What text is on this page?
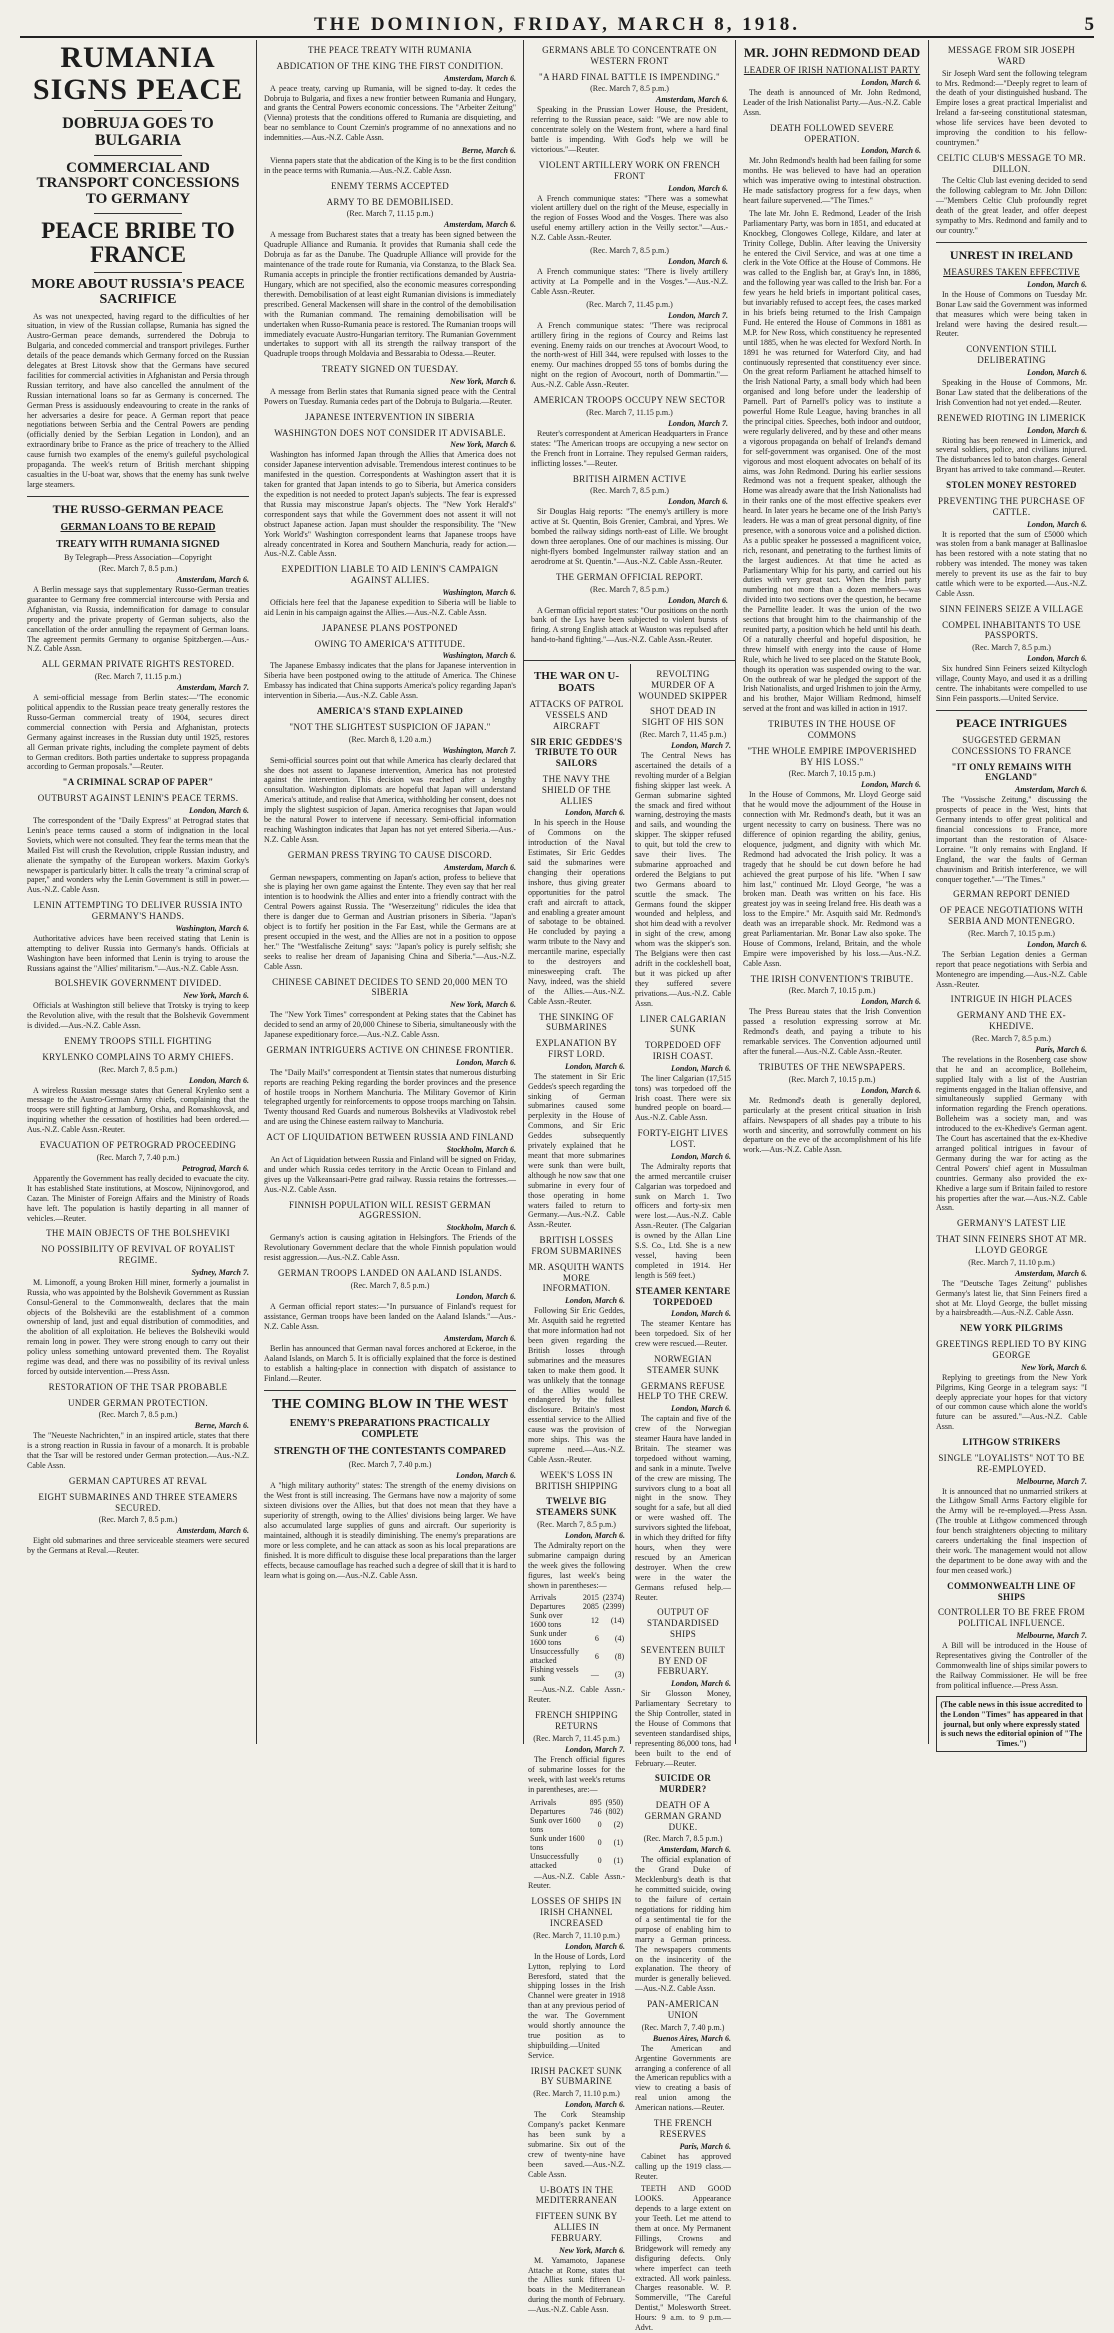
THE DOMINION, FRIDAY, MARCH 8, 1918.	5
RUMANIA SIGNS PEACE
DOBRUJA GOES TO BULGARIA
COMMERCIAL AND TRANSPORT CONCESSIONS TO GERMANY
PEACE BRIBE TO FRANCE
MORE ABOUT RUSSIA'S PEACE SACRIFICE

As was not unexpected, having regard to the difficulties of her situation, in view of the Russian collapse, Rumania has signed the Austro-German peace demands, surrendered the Dobruja to Bulgaria, and conceded commercial and transport privileges. Further details of the peace demands which Germany forced on the Russian delegates at Brest Litovsk show that the Germans have secured facilities for commercial activities in Afghanistan and Persia through Russian territory, and have also cancelled the annulment of the Russian international loans so far as Germany is concerned. The German Press is assiduously endeavouring to create in the ranks of her adversaries a desire for peace. A German report that peace negotiations between Serbia and the Central Powers are pending (officially denied by the Serbian Legation in London), and an extraordinary bribe to France as the price of treachery to the Allied cause furnish two examples of the enemy's guileful psychological propaganda. The week's return of British merchant shipping casualties in the U-boat war, shows that the enemy has sunk twelve large steamers.

THE RUSSO-GERMAN PEACE
GERMAN LOANS TO BE REPAID
TREATY WITH RUMANIA SIGNED
By Telegraph—Press Association—Copyright
(Rec. March 7, 8.5 p.m.)
Amsterdam, March 6.

A Berlin message says that supplementary Russo-German treaties guarantee to Germany free commercial intercourse with Persia and Afghanistan, via Russia, indemnification for damage to consular property and the private property of German subjects, also the cancellation of the order annulling the repayment of German loans. The agreement permits Germany to organise Spitzbergen.—Aus.-N.Z. Cable Assn.

ALL GERMAN PRIVATE RIGHTS RESTORED.
(Rec. March 7, 11.15 p.m.)
Amsterdam, March 7.

A semi-official message from Berlin states:—"The economic political appendix to the Russian peace treaty generally restores the Russo-German commercial treaty of 1904, secures direct commercial connection with Persia and Afghanistan, protects Germany against increases in the Russian duty until 1925, restores all German private rights, including the complete payment of debts to German creditors. Both parties undertake to suppress propaganda according to German proposals."—Reuter.

"A CRIMINAL SCRAP OF PAPER"
OUTBURST AGAINST LENIN'S PEACE TERMS.
London, March 6.

The correspondent of the "Daily Express" at Petrograd states that Lenin's peace terms caused a storm of indignation in the local Soviets, which were not consulted. They fear the terms mean that the Mailed Fist will crush the Revolution, cripple Russian industry, and alienate the sympathy of the European workers. Maxim Gorky's newspaper is particularly bitter. It calls the treaty "a criminal scrap of paper," and wonders why the Lenin Government is still in power.—Aus.-N.Z. Cable Assn.

LENIN ATTEMPTING TO DELIVER RUSSIA INTO GERMANY'S HANDS.
Washington, March 6.

Authoritative advices have been received stating that Lenin is attempting to deliver Russia into Germany's hands. Officials at Washington have been informed that Lenin is trying to arouse the Russians against the "Allies' militarism."—Aus.-N.Z. Cable Assn.

BOLSHEVIK GOVERNMENT DIVIDED.
New York, March 6.

Officials at Washington still believe that Trotsky is trying to keep the Revolution alive, with the result that the Bolshevik Government is divided.—Aus.-N.Z. Cable Assn.

ENEMY TROOPS STILL FIGHTING
KRYLENKO COMPLAINS TO ARMY CHIEFS.
(Rec. March 7, 8.5 p.m.)
London, March 6.

A wireless Russian message states that General Krylenko sent a message to the Austro-German Army chiefs, complaining that the troops were still fighting at Jamburg, Orsha, and Romashkovsk, and inquiring whether the cessation of hostilities had been ordered.—Aus.-N.Z. Cable Assn.-Reuter.

EVACUATION OF PETROGRAD PROCEEDING
(Rec. March 7, 7.40 p.m.)
Petrograd, March 6.

Apparently the Government has really decided to evacuate the city. It has established State institutions, at Moscow, Nijninovgorod, and Cazan. The Minister of Foreign Affairs and the Ministry of Roads have left. The population is hastily departing in all manner of vehicles.—Reuter.

THE MAIN OBJECTS OF THE BOLSHEVIKI
NO POSSIBILITY OF REVIVAL OF ROYALIST REGIME.
Sydney, March 7.

M. Limonoff, a young Broken Hill miner, formerly a journalist in Russia, who was appointed by the Bolshevik Government as Russian Consul-General to the Commonwealth, declares that the main objects of the Bolsheviki are the establishment of a common ownership of land, just and equal distribution of commodities, and the abolition of all exploitation. He believes the Bolsheviki would remain long in power. They were strong enough to carry out their policy unless something untoward prevented them. The Royalist regime was dead, and there was no possibility of its revival unless forced by outside intervention.—Press Assn.

RESTORATION OF THE TSAR PROBABLE
UNDER GERMAN PROTECTION.
(Rec. March 7, 8.5 p.m.)
Berne, March 6.

The "Neueste Nachrichten," in an inspired article, states that there is a strong reaction in Russia in favour of a monarch. It is probable that the Tsar will be restored under German protection.—Aus.-N.Z. Cable Assn.

GERMAN CAPTURES AT REVAL
EIGHT SUBMARINES AND THREE STEAMERS SECURED.
(Rec. March 7, 8.5 p.m.)
Amsterdam, March 6.

Eight old submarines and three serviceable steamers were secured by the Germans at Reval.—Reuter.

THE PEACE TREATY WITH RUMANIA
ABDICATION OF THE KING THE FIRST CONDITION.
Amsterdam, March 6.

A peace treaty, carving up Rumania, will be signed to-day. It cedes the Dobruja to Bulgaria, and fixes a new frontier between Rumania and Hungary, and grants the Central Powers economic concessions. The "Arbeiter Zeitung" (Vienna) protests that the conditions offered to Rumania are disquieting, and bear no semblance to Count Czernin's programme of no annexations and no indemnities.—Aus.-N.Z. Cable Assn.

Berne, March 6.

Vienna papers state that the abdication of the King is to be the first condition in the peace terms with Rumania.—Aus.-N.Z. Cable Assn.

ENEMY TERMS ACCEPTED
ARMY TO BE DEMOBILISED.
(Rec. March 7, 11.15 p.m.)
Amsterdam, March 6.

A message from Bucharest states that a treaty has been signed between the Quadruple Alliance and Rumania. It provides that Rumania shall cede the Dobruja as far as the Danube. The Quadruple Alliance will provide for the maintenance of the trade route for Rumania, via Constanza, to the Black Sea. Rumania accepts in principle the frontier rectifications demanded by Austria-Hungary, which are not specified, also the economic measures corresponding therewith. Demobilisation of at least eight Rumanian divisions is immediately prescribed. General Mackensen will share in the control of the demobilisation with the Rumanian command. The remaining demobilisation will be undertaken when Russo-Rumania peace is restored. The Rumanian troops will immediately evacuate Austro-Hungarian territory. The Rumanian Government undertakes to support with all its strength the railway transport of the Quadruple troops through Moldavia and Bessarabia to Odessa.—Reuter.

TREATY SIGNED ON TUESDAY.
New York, March 6.

A message from Berlin states that Rumania signed peace with the Central Powers on Tuesday. Rumania cedes part of the Dobruja to Bulgaria.—Reuter.

JAPANESE INTERVENTION IN SIBERIA
WASHINGTON DOES NOT CONSIDER IT ADVISABLE.
New York, March 6.

Washington has informed Japan through the Allies that America does not consider Japanese intervention advisable. Tremendous interest continues to be manifested in the question. Correspondents at Washington assert that it is taken for granted that Japan intends to go to Siberia, but America considers the expedition is not needed to protect Japan's subjects. The fear is expressed that Russia may misconstrue Japan's objects. The "New York Herald's" correspondent says that while the Government does not assent it will not obstruct Japanese action. Japan must shoulder the responsibility. The "New York World's" Washington correspondent learns that Japanese troops have already concentrated in Korea and Southern Manchuria, ready for action.—Aus.-N.Z. Cable Assn.

EXPEDITION LIABLE TO AID LENIN'S CAMPAIGN AGAINST ALLIES.
Washington, March 6.

Officials here feel that the Japanese expedition to Siberia will be liable to aid Lenin in his campaign against the Allies.—Aus.-N.Z. Cable Assn.

JAPANESE PLANS POSTPONED
OWING TO AMERICA'S ATTITUDE.
Washington, March 6.

The Japanese Embassy indicates that the plans for Japanese intervention in Siberia have been postponed owing to the attitude of America. The Chinese Embassy has indicated that China supports America's policy regarding Japan's intervention in Siberia.—Aus.-N.Z. Cable Assn.

AMERICA'S STAND EXPLAINED
"NOT THE SLIGHTEST SUSPICION OF JAPAN."
(Rec. March 8, 1.20 a.m.)
Washington, March 7.

Semi-official sources point out that while America has clearly declared that she does not assent to Japanese intervention, America has not protested against the intervention. This decision was reached after a lengthy consultation. Washington diplomats are hopeful that Japan will understand America's attitude, and realise that America, withholding her consent, does not imply the slightest suspicion of Japan. America recognises that Japan would be the natural Power to intervene if necessary. Semi-official information reaching Washington indicates that Japan has not yet entered Siberia.—Aus.-N.Z. Cable Assn.

GERMAN PRESS TRYING TO CAUSE DISCORD.
Amsterdam, March 6.

German newspapers, commenting on Japan's action, profess to believe that she is playing her own game against the Entente. They even say that her real intention is to hoodwink the Allies and enter into a friendly contract with the Central Powers against Russia. The "Weserzeitung" ridicules the idea that there is danger due to German and Austrian prisoners in Siberia. "Japan's object is to fortify her position in the Far East, while the Germans are at present occupied in the west, and the Allies are not in a position to oppose her." The "Westfalische Zeitung" says: "Japan's policy is purely selfish; she seeks to realise her dream of Japanising China and Siberia."—Aus.-N.Z. Cable Assn.

CHINESE CABINET DECIDES TO SEND 20,000 MEN TO SIBERIA
New York, March 6.

The "New York Times" correspondent at Peking states that the Cabinet has decided to send an army of 20,000 Chinese to Siberia, simultaneously with the Japanese expeditionary force.—Aus.-N.Z. Cable Assn.

GERMAN INTRIGUERS ACTIVE ON CHINESE FRONTIER.
London, March 6.

The "Daily Mail's" correspondent at Tientsin states that numerous disturbing reports are reaching Peking regarding the border provinces and the presence of hostile troops in Northern Manchuria. The Military Governor of Kirin telegraphed urgently for reinforcements to oppose troops marching on Tahsin. Twenty thousand Red Guards and numerous Bolsheviks at Vladivostok rebel and are using the Chinese eastern railway to Manchuria.

ACT OF LIQUIDATION BETWEEN RUSSIA AND FINLAND
Stockholm, March 6.

An Act of Liquidation between Russia and Finland will be signed on Friday, and under which Russia cedes territory in the Arctic Ocean to Finland and gives up the Valkeansaari-Petre grad railway. Russia retains the fortresses.—Aus.-N.Z. Cable Assn.

FINNISH POPULATION WILL RESIST GERMAN AGGRESSION.
Stockholm, March 6.

Germany's action is causing agitation in Helsingfors. The Friends of the Revolutionary Government declare that the whole Finnish population would resist aggression.—Aus.-N.Z. Cable Assn.

GERMAN TROOPS LANDED ON AALAND ISLANDS.
(Rec. March 7, 8.5 p.m.)
London, March 6.

A German official report states:—"In pursuance of Finland's request for assistance, German troops have been landed on the Aaland Islands."—Aus.-N.Z. Cable Assn.

Amsterdam, March 6.

Berlin has announced that German naval forces anchored at Eckeroe, in the Aaland Islands, on March 5. It is officially explained that the force is destined to establish a halting-place in connection with dispatch of assistance to Finland.—Reuter.

THE COMING BLOW IN THE WEST
ENEMY'S PREPARATIONS PRACTICALLY COMPLETE
STRENGTH OF THE CONTESTANTS COMPARED
(Rec. March 7, 7.40 p.m.)
London, March 6.

A "high military authority" states: The strength of the enemy divisions on the West front is still increasing. The Germans have now a majority of some sixteen divisions over the Allies, but that does not mean that they have a superiority of strength, owing to the Allies' divisions being larger. We have also accumulated large supplies of guns and aircraft. Our superiority is maintained, although it is steadily diminishing. The enemy's preparations are more or less complete, and he can attack as soon as his local preparations are finished. It is more difficult to disguise these local preparations than the larger effects, because camouflage has reached such a degree of skill that it is hard to learn what is going on.—Aus.-N.Z. Cable Assn.

GERMANS ABLE TO CONCENTRATE ON WESTERN FRONT
"A HARD FINAL BATTLE IS IMPENDING."
(Rec. March 7, 8.5 p.m.)
Amsterdam, March 6.

Speaking in the Prussian Lower House, the President, referring to the Russian peace, said: "We are now able to concentrate solely on the Western front, where a hard final battle is impending. With God's help we will be victorious."—Reuter.

VIOLENT ARTILLERY WORK ON FRENCH FRONT
London, March 6.

A French communique states: "There was a somewhat violent artillery duel on the right of the Meuse, especially in the region of Fosses Wood and the Vosges. There was also useful enemy artillery action in the Veilly sector."—Aus.-N.Z. Cable Assn.-Reuter.

(Rec. March 7, 8.5 p.m.)
London, March 6.

A French communique states: "There is lively artillery activity at La Pompelle and in the Vosges."—Aus.-N.Z. Cable Assn.-Reuter.

(Rec. March 7, 11.45 p.m.)
London, March 7.

A French communique states: "There was reciprocal artillery firing in the regions of Courcy and Reims last evening. Enemy raids on our trenches at Avocourt Wood, to the north-west of Hill 344, were repulsed with losses to the enemy. Our machines dropped 55 tons of bombs during the night on the region of Avocourt, north of Dommartin."—Aus.-N.Z. Cable Assn.-Reuter.

AMERICAN TROOPS OCCUPY NEW SECTOR
(Rec. March 7, 11.15 p.m.)
London, March 7.

Reuter's correspondent at American Headquarters in France states: "The American troops are occupying a new sector on the French front in Lorraine. They repulsed German raiders, inflicting losses."—Reuter.

BRITISH AIRMEN ACTIVE
(Rec. March 7, 8.5 p.m.)
London, March 6.

Sir Douglas Haig reports: "The enemy's artillery is more active at St. Quentin, Bois Grenier, Cambrai, and Ypres. We bombed the railway sidings north-east of Lille. We brought down three aeroplanes. One of our machines is missing. Our night-flyers bombed Ingelmunster railway station and an aerodrome at St. Quentin."—Aus.-N.Z. Cable Assn.-Reuter.

THE GERMAN OFFICIAL REPORT.
(Rec. March 7, 8.5 p.m.)
London, March 6.

A German official report states: "Our positions on the north bank of the Lys have been subjected to violent bursts of firing. A strong English attack at Wauston was repulsed after hand-to-hand fighting."—Aus.-N.Z. Cable Assn.-Reuter.

THE WAR ON U-BOATS
ATTACKS OF PATROL VESSELS AND AIRCRAFT
SIR ERIC GEDDES'S TRIBUTE TO OUR SAILORS
THE NAVY THE SHIELD OF THE ALLIES
London, March 6.

In his speech in the House of Commons on the introduction of the Naval Estimates, Sir Eric Geddes said the submarines were changing their operations inshore, thus giving greater opportunities for the patrol craft and aircraft to attack, and enabling a greater amount of sabotage to be obtained. He concluded by paying a warm tribute to the Navy and mercantile marine, especially to the destroyers and minesweeping craft. The Navy, indeed, was the shield of the Allies.—Aus.-N.Z. Cable Assn.-Reuter.

THE SINKING OF SUBMARINES
EXPLANATION BY FIRST LORD.
London, March 6.

The statement in Sir Eric Geddes's speech regarding the sinking of German submarines caused some perplexity in the House of Commons, and Sir Eric Geddes subsequently privately explained that he meant that more submarines were sunk than were built, although he now saw that one submarine in every four of those operating in home waters failed to return to Germany.—Aus.-N.Z. Cable Assn.-Reuter.

BRITISH LOSSES FROM SUBMARINES
MR. ASQUITH WANTS MORE INFORMATION.
London, March 6.

Following Sir Eric Geddes, Mr. Asquith said he regretted that more information had not been given regarding the British losses through submarines and the measures taken to make them good. It was unlikely that the tonnage of the Allies would be endangered by the fullest disclosure. Britain's most essential service to the Allied cause was the provision of more ships. This was the supreme need.—Aus.-N.Z. Cable Assn.-Reuter.

WEEK'S LOSS IN BRITISH SHIPPING
TWELVE BIG STEAMERS SUNK
(Rec. March 7, 8.5 p.m.)
London, March 6.

The Admiralty report on the submarine campaign during the week gives the following figures, last week's being shown in parentheses:—

Arrivals	2015	(2374)
Departures	2085	(2399)
Sunk over 1600 tons	12	(14)
Sunk under 1600 tons	6	(4)
Unsuccessfully attacked	6	(8)
Fishing vessels sunk	—	(3)

—Aus.-N.Z. Cable Assn.-Reuter.

FRENCH SHIPPING RETURNS
(Rec. March 7, 11.45 p.m.)
London, March 7.

The French official figures of submarine losses for the week, with last week's returns in parentheses, are:—

Arrivals	895	(950)
Departures	746	(802)
Sunk over 1600 tons	0	(2)
Sunk under 1600 tons	0	(1)
Unsuccessfully attacked	0	(1)

—Aus.-N.Z. Cable Assn.-Reuter.

LOSSES OF SHIPS IN IRISH CHANNEL INCREASED
(Rec. March 7, 11.10 p.m.)
London, March 6.

In the House of Lords, Lord Lytton, replying to Lord Beresford, stated that the shipping losses in the Irish Channel were greater in 1918 than at any previous period of the war. The Government would shortly announce the true position as to shipbuilding.—United Service.

IRISH PACKET SUNK BY SUBMARINE
(Rec. March 7, 11.10 p.m.)
London, March 6.

The Cork Steamship Company's packet Kenmare has been sunk by a submarine. Six out of the crew of twenty-nine have been saved.—Aus.-N.Z. Cable Assn.

U-BOATS IN THE MEDITERRANEAN
FIFTEEN SUNK BY ALLIES IN FEBRUARY.
New York, March 6.

M. Yamamoto, Japanese Attache at Rome, states that the Allies sunk fifteen U-boats in the Mediterranean during the month of February.—Aus.-N.Z. Cable Assn.

REVOLTING MURDER OF A WOUNDED SKIPPER
SHOT DEAD IN SIGHT OF HIS SON
(Rec. March 7, 11.45 p.m.)
London, March 7.

The Central News has ascertained the details of a revolting murder of a Belgian fishing skipper last week. A German submarine sighted the smack and fired without warning, destroying the masts and sails, and wounding the skipper. The skipper refused to quit, but told the crew to save their lives. The submarine approached and ordered the Belgians to put two Germans aboard to scuttle the smack. The Germans found the skipper wounded and helpless, and shot him dead with a revolver in sight of the crew, among whom was the skipper's son. The Belgians were then cast adrift in the cockleshell boat, but it was picked up after they suffered severe privations.—Aus.-N.Z. Cable Assn.

LINER CALGARIAN SUNK
TORPEDOED OFF IRISH COAST.
London, March 6.

The liner Calgarian (17,515 tons) was torpedoed off the Irish coast. There were six hundred people on board.—Aus.-N.Z. Cable Assn.

FORTY-EIGHT LIVES LOST.
London, March 6.

The Admiralty reports that the armed mercantile cruiser Calgarian was torpedoed and sunk on March 1. Two officers and forty-six men were lost.—Aus.-N.Z. Cable Assn.-Reuter. (The Calgarian is owned by the Allan Line S.S. Co., Ltd. She is a new vessel, having been completed in 1914. Her length is 569 feet.)

STEAMER KENTARE TORPEDOED
London, March 6.

The steamer Kentare has been torpedoed. Six of her crew were rescued.—Reuter.

NORWEGIAN STEAMER SUNK
GERMANS REFUSE HELP TO THE CREW.
London, March 6.

The captain and five of the crew of the Norwegian steamer Haura have landed in Britain. The steamer was torpedoed without warning, and sank in a minute. Twelve of the crew are missing. The survivors clung to a boat all night in the snow. They sought for a safe, but all died or were washed off. The survivors sighted the lifeboat, in which they drifted for fifty hours, when they were rescued by an American destroyer. When the crew were in the water the Germans refused help.—Reuter.

OUTPUT OF STANDARDISED SHIPS
SEVENTEEN BUILT BY END OF FEBRUARY.
London, March 6.

Sir Glosson Money, Parliamentary Secretary to the Ship Controller, stated in the House of Commons that seventeen standardised ships, representing 86,000 tons, had been built to the end of February.—Reuter.

SUICIDE OR MURDER?
DEATH OF A GERMAN GRAND DUKE.
(Rec. March 7, 8.5 p.m.)
Amsterdam, March 6.

The official explanation of the Grand Duke of Mecklenburg's death is that he committed suicide, owing to the failure of certain negotiations for ridding him of a sentimental tie for the purpose of enabling him to marry a German princess. The newspapers comments on the insincerity of the explanation. The theory of murder is generally believed.—Aus.-N.Z. Cable Assn.

PAN-AMERICAN UNION
(Rec. March 7, 7.40 p.m.)
Buenos Aires, March 6.

The American and Argentine Governments are arranging a conference of all the American republics with a view to creating a basis of real union among the American nations.—Reuter.

THE FRENCH RESERVES
Paris, March 6.

Cabinet has approved calling up the 1919 class.—Reuter.

TEETH AND GOOD LOOKS. Appearance depends to a large extent on your Teeth. Let me attend to them at once. My Permanent Fillings, Crowns and Bridgework will remedy any disfiguring defects. Only where imperfect can teeth extracted. All work painless. Charges reasonable. W. P. Sommerville, "The Careful Dentist," Molesworth Street. Hours: 9 a.m. to 9 p.m.—Advt.

MR. JOHN REDMOND DEAD
LEADER OF IRISH NATIONALIST PARTY
London, March 6.

The death is announced of Mr. John Redmond, Leader of the Irish Nationalist Party.—Aus.-N.Z. Cable Assn.

DEATH FOLLOWED SEVERE OPERATION.
London, March 6.

Mr. John Redmond's health had been failing for some months. He was believed to have had an operation which was imperative owing to intestinal obstruction. He made satisfactory progress for a few days, when heart failure supervened.—"The Times."

The late Mr. John E. Redmond, Leader of the Irish Parliamentary Party, was born in 1851, and educated at Knockbeg, Clongowes College, Kildare, and later at Trinity College, Dublin. After leaving the University he entered the Civil Service, and was at one time a clerk in the Vote Office at the House of Commons. He was called to the English bar, at Gray's Inn, in 1886, and the following year was called to the Irish bar. For a few years he held briefs in important political cases, but invariably refused to accept fees, the cases marked in his briefs being returned to the Irish Campaign Fund. He entered the House of Commons in 1881 as M.P. for New Ross, which constituency he represented until 1885, when he was elected for Wexford North. In 1891 he was returned for Waterford City, and had continuously represented that constituency ever since. On the great reform Parliament he attached himself to the Irish National Party, a small body which had been organised and long before under the leadership of Parnell. Part of Parnell's policy was to institute a powerful Home Rule League, having branches in all the principal cities. Speeches, both indoor and outdoor, were regularly delivered, and by these and other means a vigorous propaganda on behalf of Ireland's demand for self-government was organised. One of the most vigorous and most eloquent advocates on behalf of its aims, was John Redmond. During his earlier sessions Redmond was not a frequent speaker, although the Home was already aware that the Irish Nationalists had in their ranks one of the most effective speakers ever heard. In later years he became one of the Irish Party's leaders. He was a man of great personal dignity, of fine presence, with a sonorous voice and a polished diction. As a public speaker he possessed a magnificent voice, rich, resonant, and penetrating to the furthest limits of the largest audiences. At that time he acted as Parliamentary Whip for his party, and carried out his duties with very great tact. When the Irish party numbering not more than a dozen members—was divided into two sections over the question, he became the Parnellite leader. It was the union of the two sections that brought him to the chairmanship of the reunited party, a position which he held until his death. Of a naturally cheerful and hopeful disposition, he threw himself with energy into the cause of Home Rule, which he lived to see placed on the Statute Book, though its operation was suspended owing to the war. On the outbreak of war he pledged the support of the Irish Nationalists, and urged Irishmen to join the Army, and his brother, Major William Redmond, himself served at the front and was killed in action in 1917.

TRIBUTES IN THE HOUSE OF COMMONS
"THE WHOLE EMPIRE IMPOVERISHED BY HIS LOSS."
(Rec. March 7, 10.15 p.m.)
London, March 6.

In the House of Commons, Mr. Lloyd George said that he would move the adjournment of the House in connection with Mr. Redmond's death, but it was an urgent necessity to carry on business. There was no difference of opinion regarding the ability, genius, eloquence, judgment, and dignity with which Mr. Redmond had advocated the Irish policy. It was a tragedy that he should be cut down before he had achieved the great purpose of his life. "When I saw him last," continued Mr. Lloyd George, "he was a broken man. Death was written on his face. His greatest joy was in seeing Ireland free. His death was a loss to the Empire." Mr. Asquith said Mr. Redmond's death was an irreparable shock. Mr. Redmond was a great Parliamentarian. Mr. Bonar Law also spoke. The House of Commons, Ireland, Britain, and the whole Empire were impoverished by his loss.—Aus.-N.Z. Cable Assn.

THE IRISH CONVENTION'S TRIBUTE.
(Rec. March 7, 10.15 p.m.)
London, March 6.

The Press Bureau states that the Irish Convention passed a resolution expressing sorrow at Mr. Redmond's death, and paying a tribute to his remarkable services. The Convention adjourned until after the funeral.—Aus.-N.Z. Cable Assn.-Reuter.

TRIBUTES OF THE NEWSPAPERS.
(Rec. March 7, 10.15 p.m.)
London, March 6.

Mr. Redmond's death is generally deplored, particularly at the present critical situation in Irish affairs. Newspapers of all shades pay a tribute to his worth and sincerity, and sorrowfully comment on his departure on the eve of the accomplishment of his life work.—Aus.-N.Z. Cable Assn.

MESSAGE FROM SIR JOSEPH WARD

Sir Joseph Ward sent the following telegram to Mrs. Redmond:—"Deeply regret to learn of the death of your distinguished husband. The Empire loses a great practical Imperialist and Ireland a far-seeing constitutional statesman, whose life services have been devoted to improving the condition to his fellow-countrymen."

CELTIC CLUB'S MESSAGE TO MR. DILLON.

The Celtic Club last evening decided to send the following cablegram to Mr. John Dillon:—"Members Celtic Club profoundly regret death of the great leader, and offer deepest sympathy to Mrs. Redmond and family and to our country."

UNREST IN IRELAND
MEASURES TAKEN EFFECTIVE
London, March 6.

In the House of Commons on Tuesday Mr. Bonar Law said the Government was informed that measures which were being taken in Ireland were having the desired result.—Reuter.

CONVENTION STILL DELIBERATING
London, March 6.

Speaking in the House of Commons, Mr. Bonar Law stated that the deliberations of the Irish Convention had not yet ended.—Reuter.

RENEWED RIOTING IN LIMERICK
London, March 6.

Rioting has been renewed in Limerick, and several soldiers, police, and civilians injured. The disturbances led to baton charges. General Bryant has arrived to take command.—Reuter.

STOLEN MONEY RESTORED
PREVENTING THE PURCHASE OF CATTLE.
London, March 6.

It is reported that the sum of £5000 which was stolen from a bank manager at Ballinasloe has been restored with a note stating that no robbery was intended. The money was taken merely to prevent its use as the fair to buy cattle which were to be exported.—Aus.-N.Z. Cable Assn.

SINN FEINERS SEIZE A VILLAGE
COMPEL INHABITANTS TO USE PASSPORTS.
(Rec. March 7, 8.5 p.m.)
London, March 6.

Six hundred Sinn Feiners seized Kiltyclogh village, County Mayo, and used it as a drilling centre. The inhabitants were compelled to use Sinn Fein passports.—United Service.

PEACE INTRIGUES
SUGGESTED GERMAN CONCESSIONS TO FRANCE
"IT ONLY REMAINS WITH ENGLAND"
Amsterdam, March 6.

The "Vossische Zeitung," discussing the prospects of peace in the West, hints that Germany intends to offer great political and financial concessions to France, more important than the restoration of Alsace-Lorraine. "It only remains with England. If England, the war the faults of German chauvinism and British interference, we will conquer together."—"The Times."

GERMAN REPORT DENIED
OF PEACE NEGOTIATIONS WITH SERBIA AND MONTENEGRO.
(Rec. March 7, 10.15 p.m.)
London, March 6.

The Serbian Legation denies a German report that peace negotiations with Serbia and Montenegro are impending.—Aus.-N.Z. Cable Assn.-Reuter.

INTRIGUE IN HIGH PLACES
GERMANY AND THE EX-KHEDIVE.
(Rec. March 7, 8.5 p.m.)
Paris, March 6.

The revelations in the Rosenberg case show that he and an accomplice, Bolleheim, supplied Italy with a list of the Austrian regiments engaged in the Italian offensive, and simultaneously supplied Germany with information regarding the French operations. Bolleheim was a society man, and was introduced to the ex-Khedive's German agent. The Court has ascertained that the ex-Khedive arranged political intrigues in favour of Germany during the war for acting as the Central Powers' chief agent in Mussulman countries. Germany also provided the ex-Khedive a large sum if Britain failed to restore his properties after the war.—Aus.-N.Z. Cable Assn.

GERMANY'S LATEST LIE
THAT SINN FEINERS SHOT AT MR. LLOYD GEORGE
(Rec. March 7, 11.10 p.m.)
Amsterdam, March 6.

The "Deutsche Tages Zeitung" publishes Germany's latest lie, that Sinn Feiners fired a shot at Mr. Lloyd George, the bullet missing by a hairsbreadth.—Aus.-N.Z. Cable Assn.

NEW YORK PILGRIMS
GREETINGS REPLIED TO BY KING GEORGE
New York, March 6.

Replying to greetings from the New York Pilgrims, King George in a telegram says: "I deeply appreciate your hopes for that victory of our common cause which alone the world's future can be assured."—Aus.-N.Z. Cable Assn.

LITHGOW STRIKERS
SINGLE "LOYALISTS" NOT TO BE RE-EMPLOYED.
Melbourne, March 7.

It is announced that no unmarried strikers at the Lithgow Small Arms Factory eligible for the Army will be re-employed.—Press Assn. (The trouble at Lithgow commenced through four bench straighteners objecting to military careers undertaking the final inspection of their work. The management would not allow the department to be done away with and the four men ceased work.)

COMMONWEALTH LINE OF SHIPS
CONTROLLER TO BE FREE FROM POLITICAL INFLUENCE.
Melbourne, March 7.

A Bill will be introduced in the House of Representatives giving the Controller of the Commonwealth line of ships similar powers to the Railway Commissioner. He will be free from political influence.—Press Assn.

(The cable news in this issue accredited to the London "Times" has appeared in that journal, but only where expressly stated is such news the editorial opinion of "The Times.")
